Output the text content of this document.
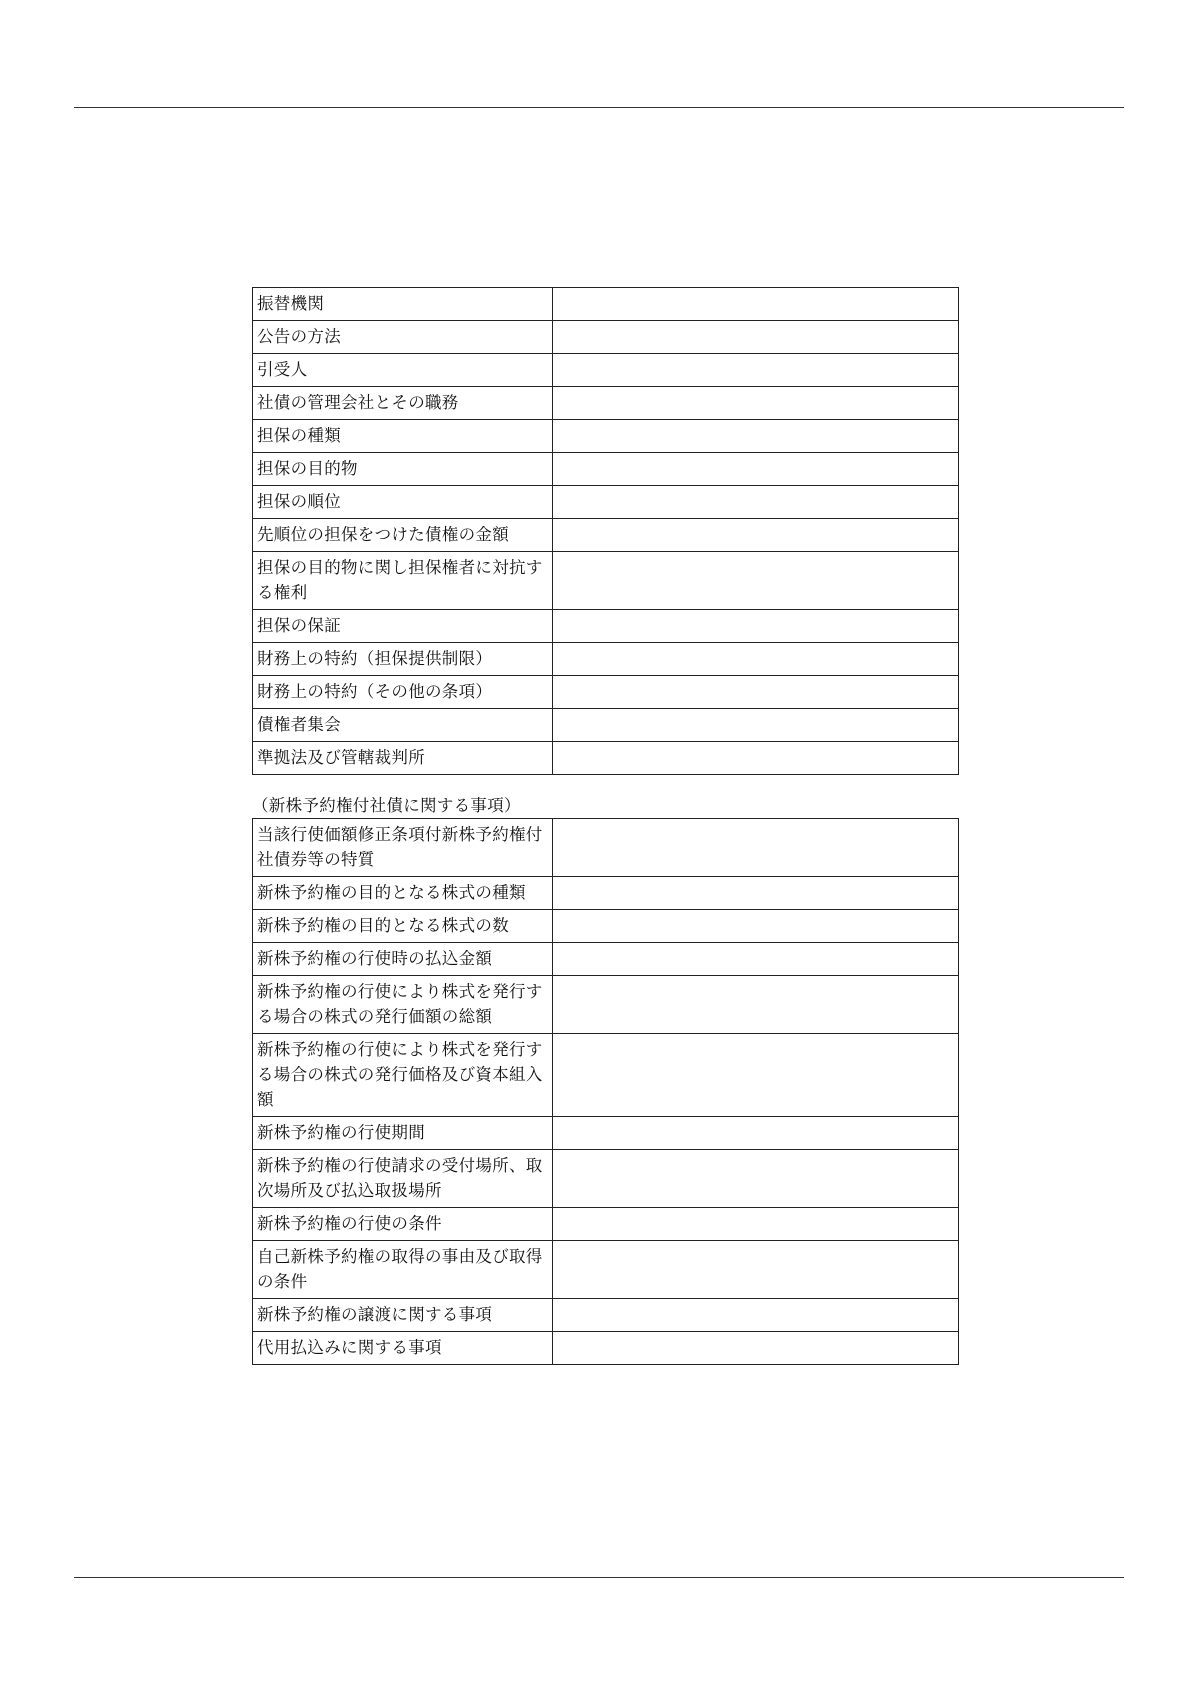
振替機関	
公告の方法	
引受人	
社債の管理会社とその職務	
担保の種類	
担保の目的物	
担保の順位	
先順位の担保をつけた債権の金額	
担保の目的物に関し担保権者に対抗する権利	
担保の保証	
財務上の特約（担保提供制限）	
財務上の特約（その他の条項）	
債権者集会	
準拠法及び管轄裁判所	
（新株予約権付社債に関する事項）
当該行使価額修正条項付新株予約権付社債券等の特質	
新株予約権の目的となる株式の種類	
新株予約権の目的となる株式の数	
新株予約権の行使時の払込金額	
新株予約権の行使により株式を発行する場合の株式の発行価額の総額	
新株予約権の行使により株式を発行する場合の株式の発行価格及び資本組入額	
新株予約権の行使期間	
新株予約権の行使請求の受付場所、取次場所及び払込取扱場所	
新株予約権の行使の条件	
自己新株予約権の取得の事由及び取得の条件	
新株予約権の譲渡に関する事項	
代用払込みに関する事項	
